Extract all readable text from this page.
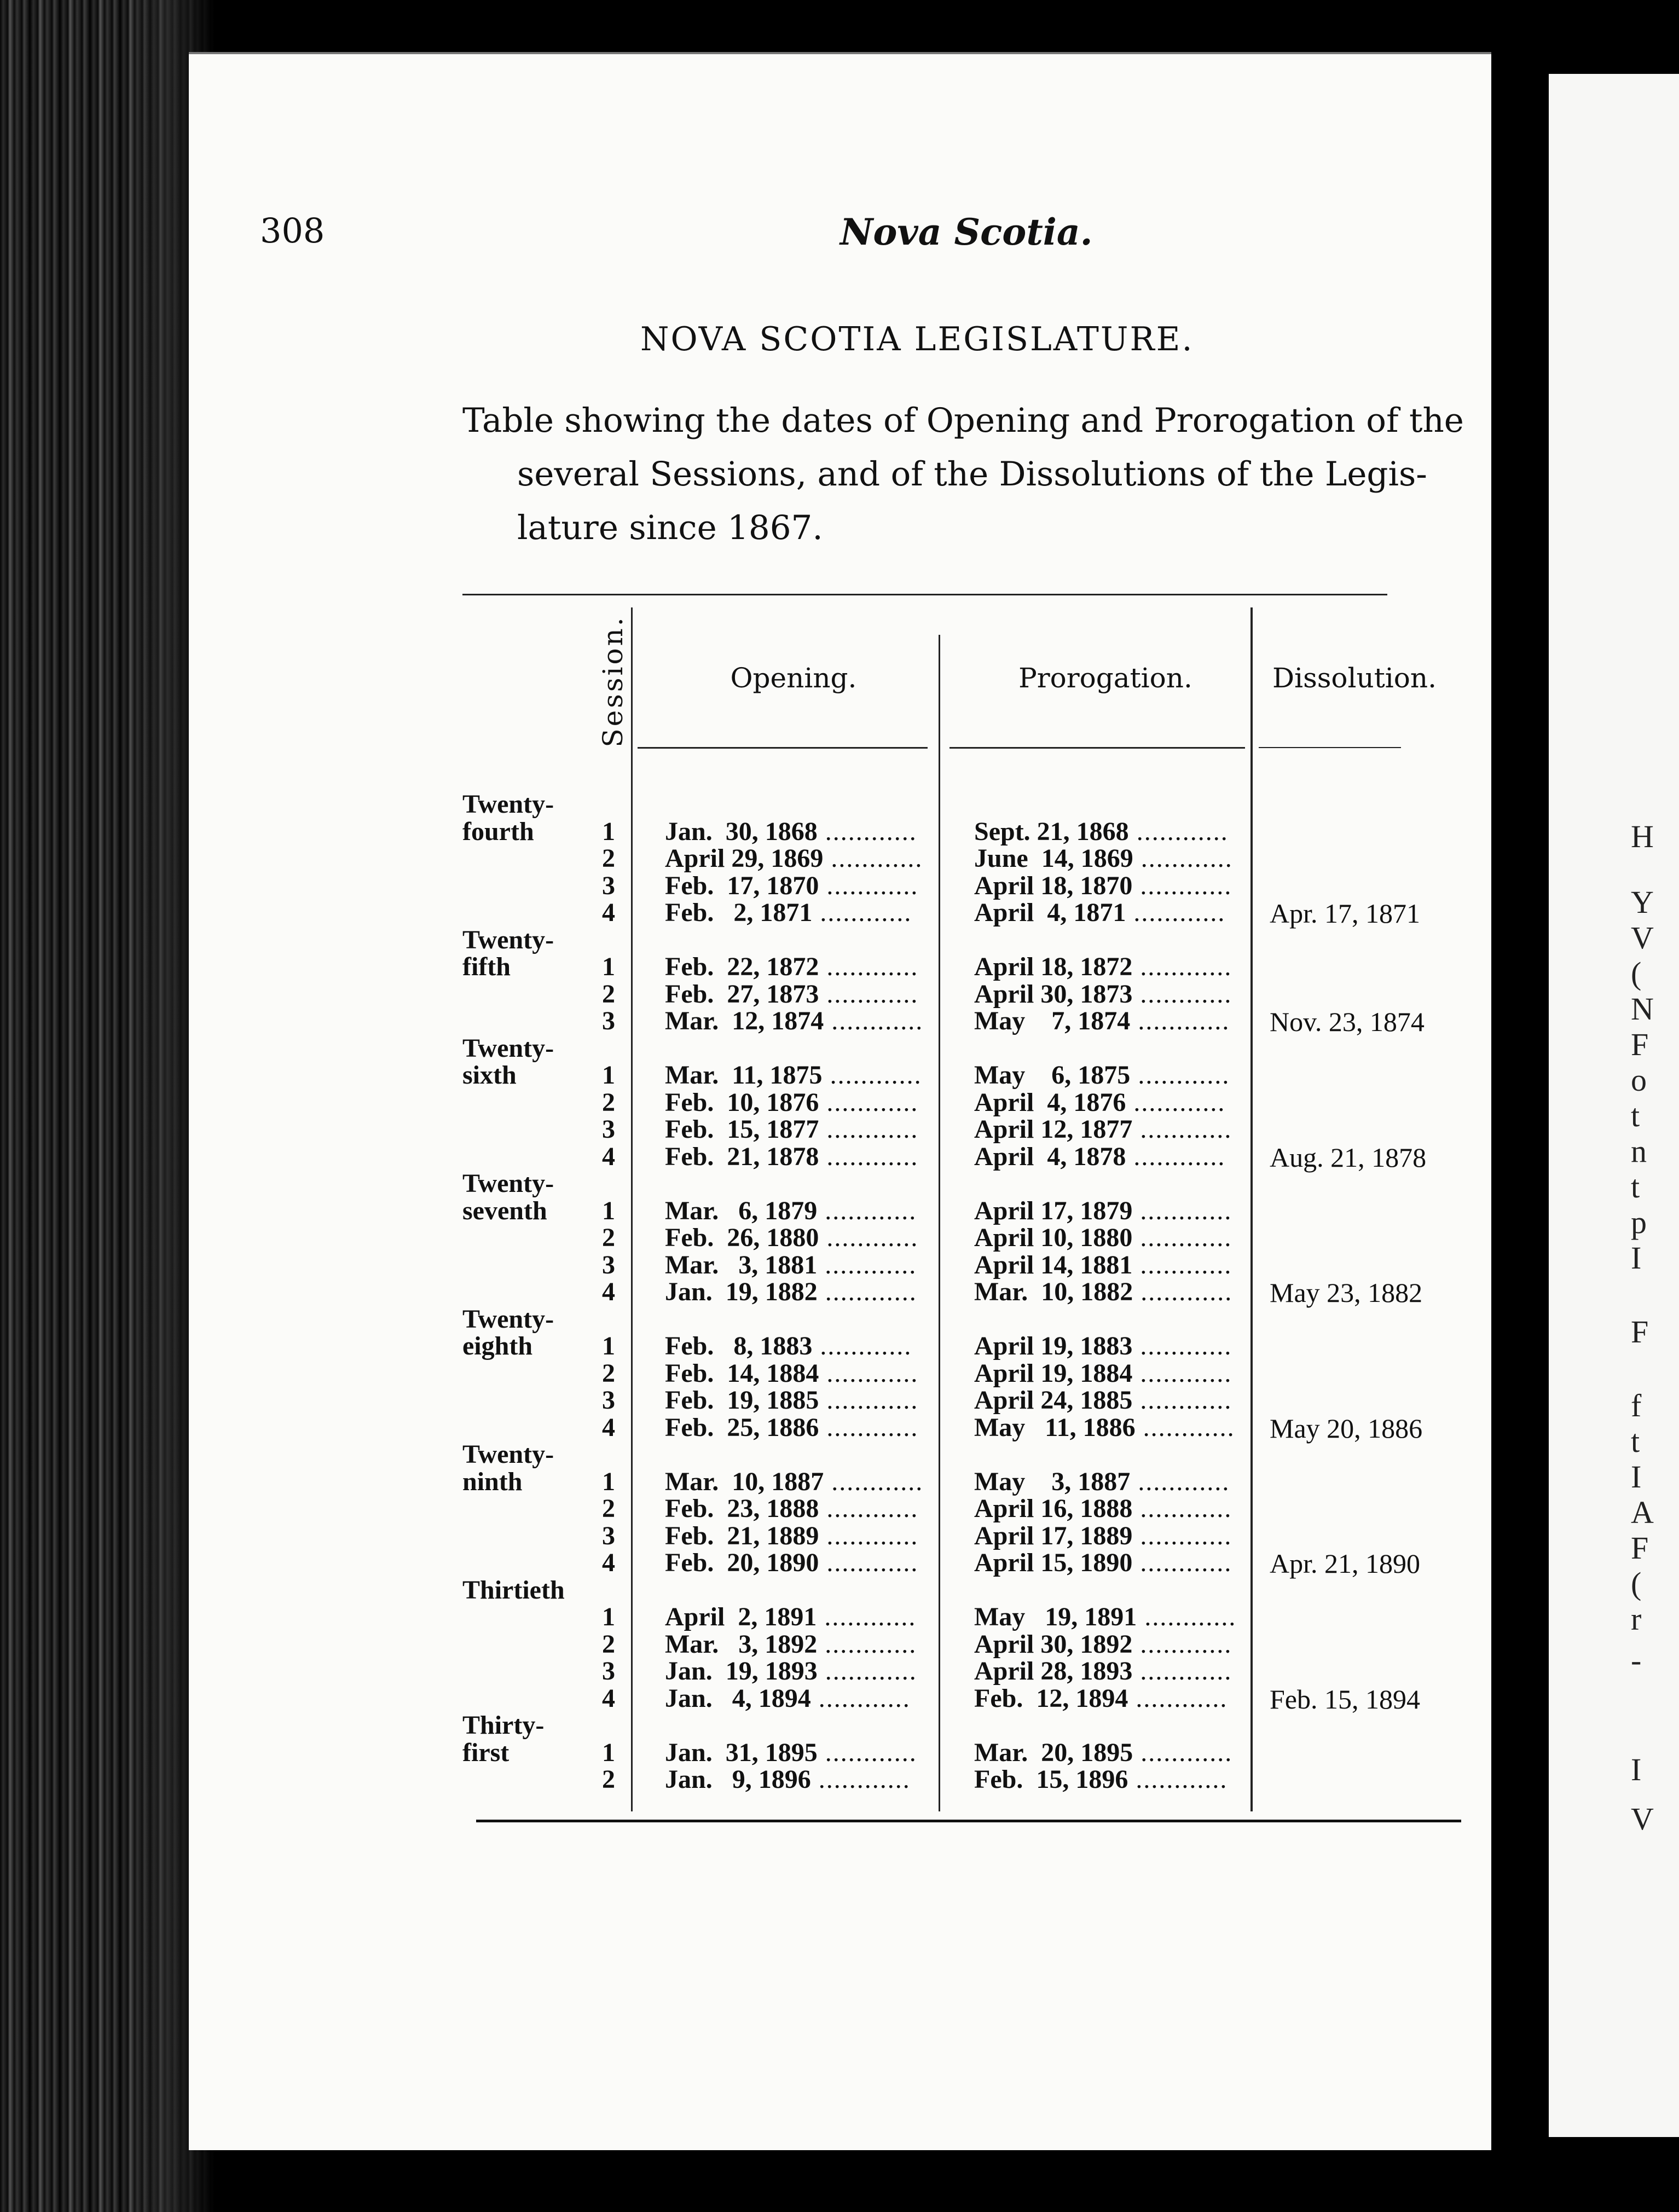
H
Y
V
(
N
F
o
t
n
t
p
I
F
f
t
I
A
F
(
r
-
I
V
308	Nova Scotia.
NOVA SCOTIA LEGISLATURE.
Table showing the dates of Opening and Prorogation of the
several Sessions, and of the Dissolutions of the Legis-
lature since 1867.
Session.	Opening.	Prorogation.	Dissolution.
Twenty-
fourth	1 Jan.  30, 1868 .....	Sept. 21, 1868 .....
2 April 29, 1869 .....	June  14, 1869 .....
3 Feb.  17, 1870 .....	April 18, 1870 .....
4 Feb.   2, 1871 .....	April  4, 1871 .....	Apr. 17, 1871
Twenty-
fifth	1 Feb.  22, 1872 .....	April 18, 1872 .....
2 Feb.  27, 1873 .....	April 30, 1873 .....
3 Mar.  12, 1874 .....	May    7, 1874 .....	Nov. 23, 1874
Twenty-
sixth	1 Mar.  11, 1875 .....	May    6, 1875 .....
2 Feb.  10, 1876 .....	April  4, 1876 .....
3 Feb.  15, 1877 .....	April 12, 1877 .....
4 Feb.  21, 1878 .....	April  4, 1878 .....	Aug. 21, 1878
Twenty-
seventh 1 Mar.   6, 1879 .....	April 17, 1879 .....
2 Feb.  26, 1880 .....	April 10, 1880 .....
3 Mar.   3, 1881 .....	April 14, 1881 .....
4 Jan.  19, 1882 .....	Mar.  10, 1882 .....	May 23, 1882
Twenty-
eighth	1 Feb.   8, 1883 .....	April 19, 1883 .....
2 Feb.  14, 1884 .....	April 19, 1884 .....
3 Feb.  19, 1885 .....	April 24, 1885 .....
4 Feb.  25, 1886 .....	May   11, 1886 .....	May 20, 1886
Twenty-
ninth	1 Mar.  10, 1887 .....	May    3, 1887 .....
2 Feb.  23, 1888 .....	April 16, 1888 .....
3 Feb.  21, 1889 .....	April 17, 1889 .....
4 Feb.  20, 1890 .....	April 15, 1890 .....	Apr. 21, 1890
Thirtieth
1 April  2, 1891 .....	May   19, 1891 .....
2 Mar.   3, 1892 .....	April 30, 1892 .....
3 Jan.  19, 1893 .....	April 28, 1893 .....
4 Jan.   4, 1894 .....	Feb.  12, 1894 .....	Feb. 15, 1894
Thirty-
first	1 Jan.  31, 1895 .....	Mar.  20, 1895 .....
2 Jan.   9, 1896 .....	Feb.  15, 1896 .....
